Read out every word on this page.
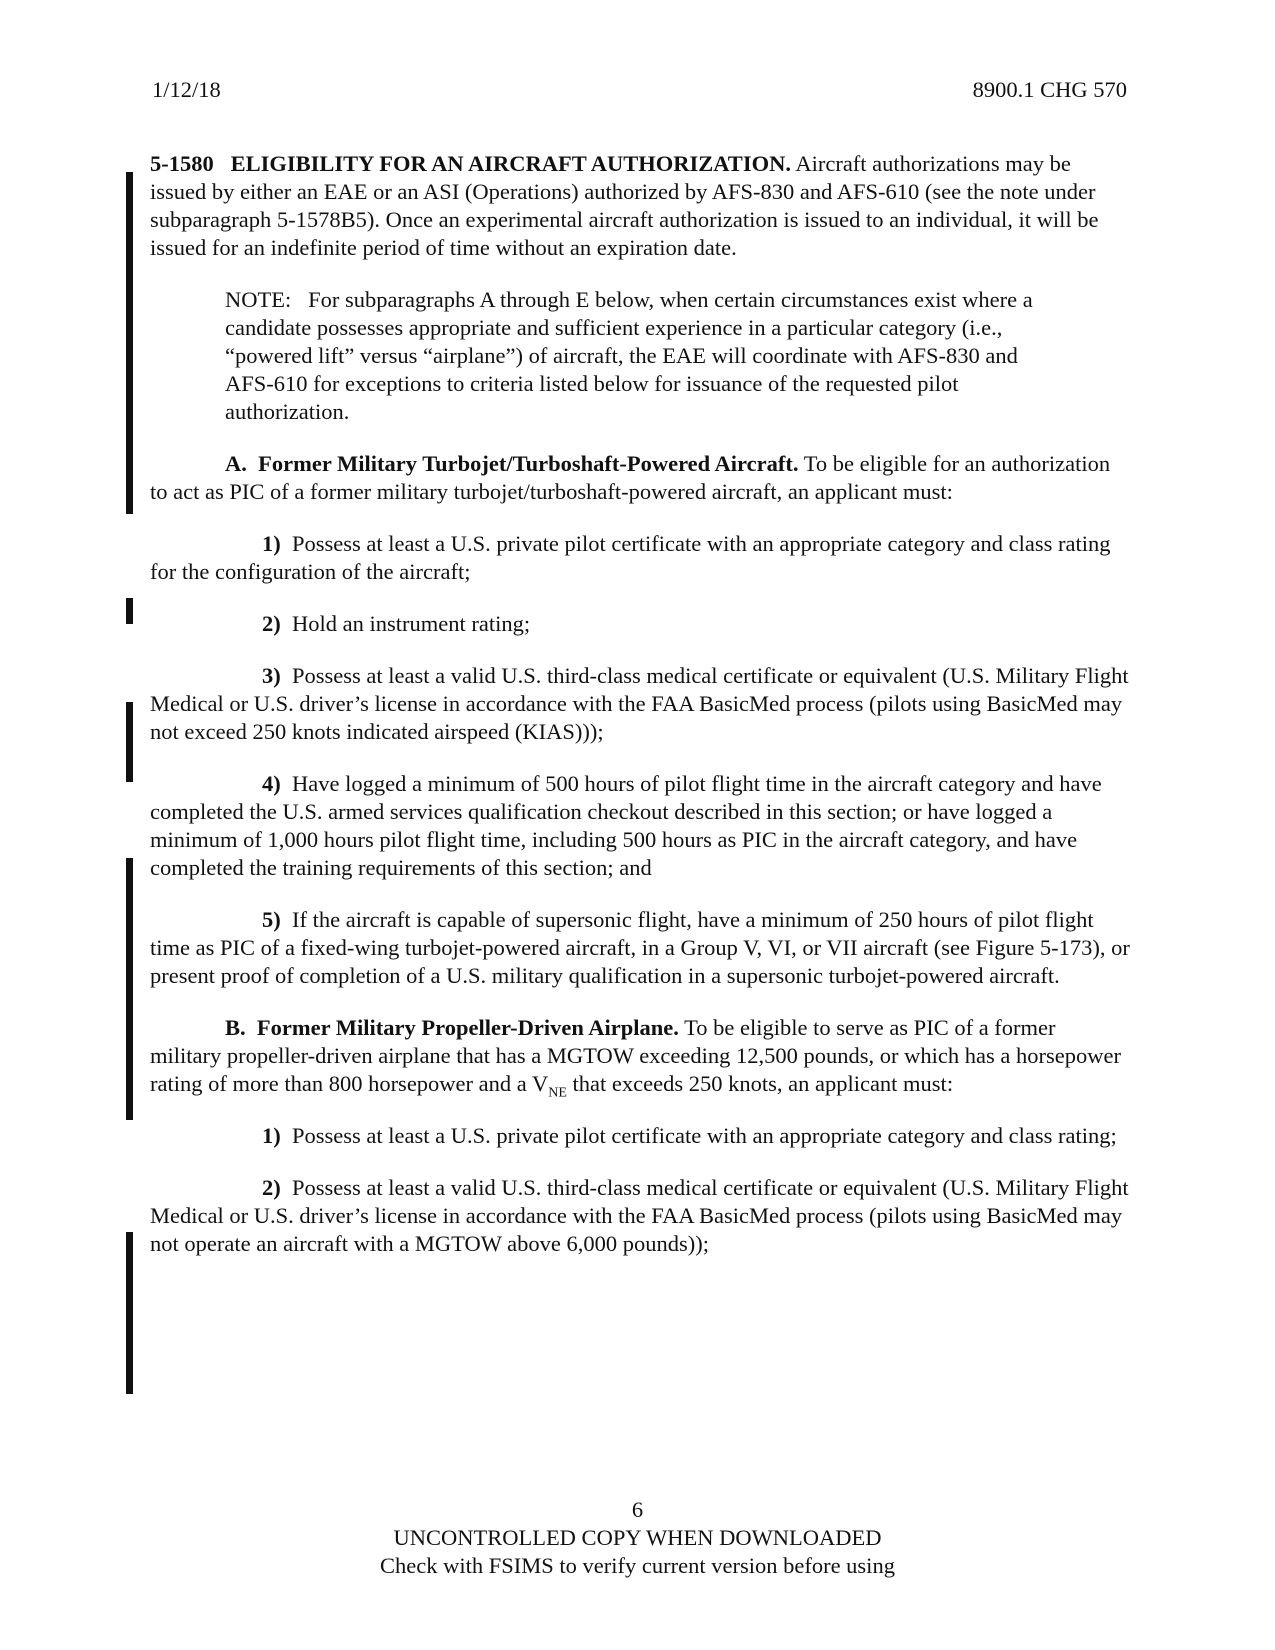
1/12/18	8900.1 CHG 570

5-1580 ELIGIBILITY FOR AN AIRCRAFT AUTHORIZATION. Aircraft authorizations may be issued by either an EAE or an ASI (Operations) authorized by AFS-830 and AFS-610 (see the note under subparagraph 5-1578B5). Once an experimental aircraft authorization is issued to an individual, it will be issued for an indefinite period of time without an expiration date.

NOTE: For subparagraphs A through E below, when certain circumstances exist where a candidate possesses appropriate and sufficient experience in a particular category (i.e., “powered lift” versus “airplane”) of aircraft, the EAE will coordinate with AFS-830 and AFS-610 for exceptions to criteria listed below for issuance of the requested pilot authorization.

A. Former Military Turbojet/Turboshaft-Powered Aircraft. To be eligible for an authorization to act as PIC of a former military turbojet/turboshaft-powered aircraft, an applicant must:

1) Possess at least a U.S. private pilot certificate with an appropriate category and class rating for the configuration of the aircraft;

2) Hold an instrument rating;

3) Possess at least a valid U.S. third-class medical certificate or equivalent (U.S. Military Flight Medical or U.S. driver’s license in accordance with the FAA BasicMed process (pilots using BasicMed may not exceed 250 knots indicated airspeed (KIAS)));

4) Have logged a minimum of 500 hours of pilot flight time in the aircraft category and have completed the U.S. armed services qualification checkout described in this section; or have logged a minimum of 1,000 hours pilot flight time, including 500 hours as PIC in the aircraft category, and have completed the training requirements of this section; and

5) If the aircraft is capable of supersonic flight, have a minimum of 250 hours of pilot flight time as PIC of a fixed-wing turbojet-powered aircraft, in a Group V, VI, or VII aircraft (see Figure 5-173), or present proof of completion of a U.S. military qualification in a supersonic turbojet-powered aircraft.

B. Former Military Propeller-Driven Airplane. To be eligible to serve as PIC of a former military propeller-driven airplane that has a MGTOW exceeding 12,500 pounds, or which has a horsepower rating of more than 800 horsepower and a $V_{NE}$ that exceeds 250 knots, an applicant must:

1) Possess at least a U.S. private pilot certificate with an appropriate category and class rating;

2) Possess at least a valid U.S. third-class medical certificate or equivalent (U.S. Military Flight Medical or U.S. driver’s license in accordance with the FAA BasicMed process (pilots using BasicMed may not operate an aircraft with a MGTOW above 6,000 pounds));

6
UNCONTROLLED COPY WHEN DOWNLOADED
Check with FSIMS to verify current version before using
